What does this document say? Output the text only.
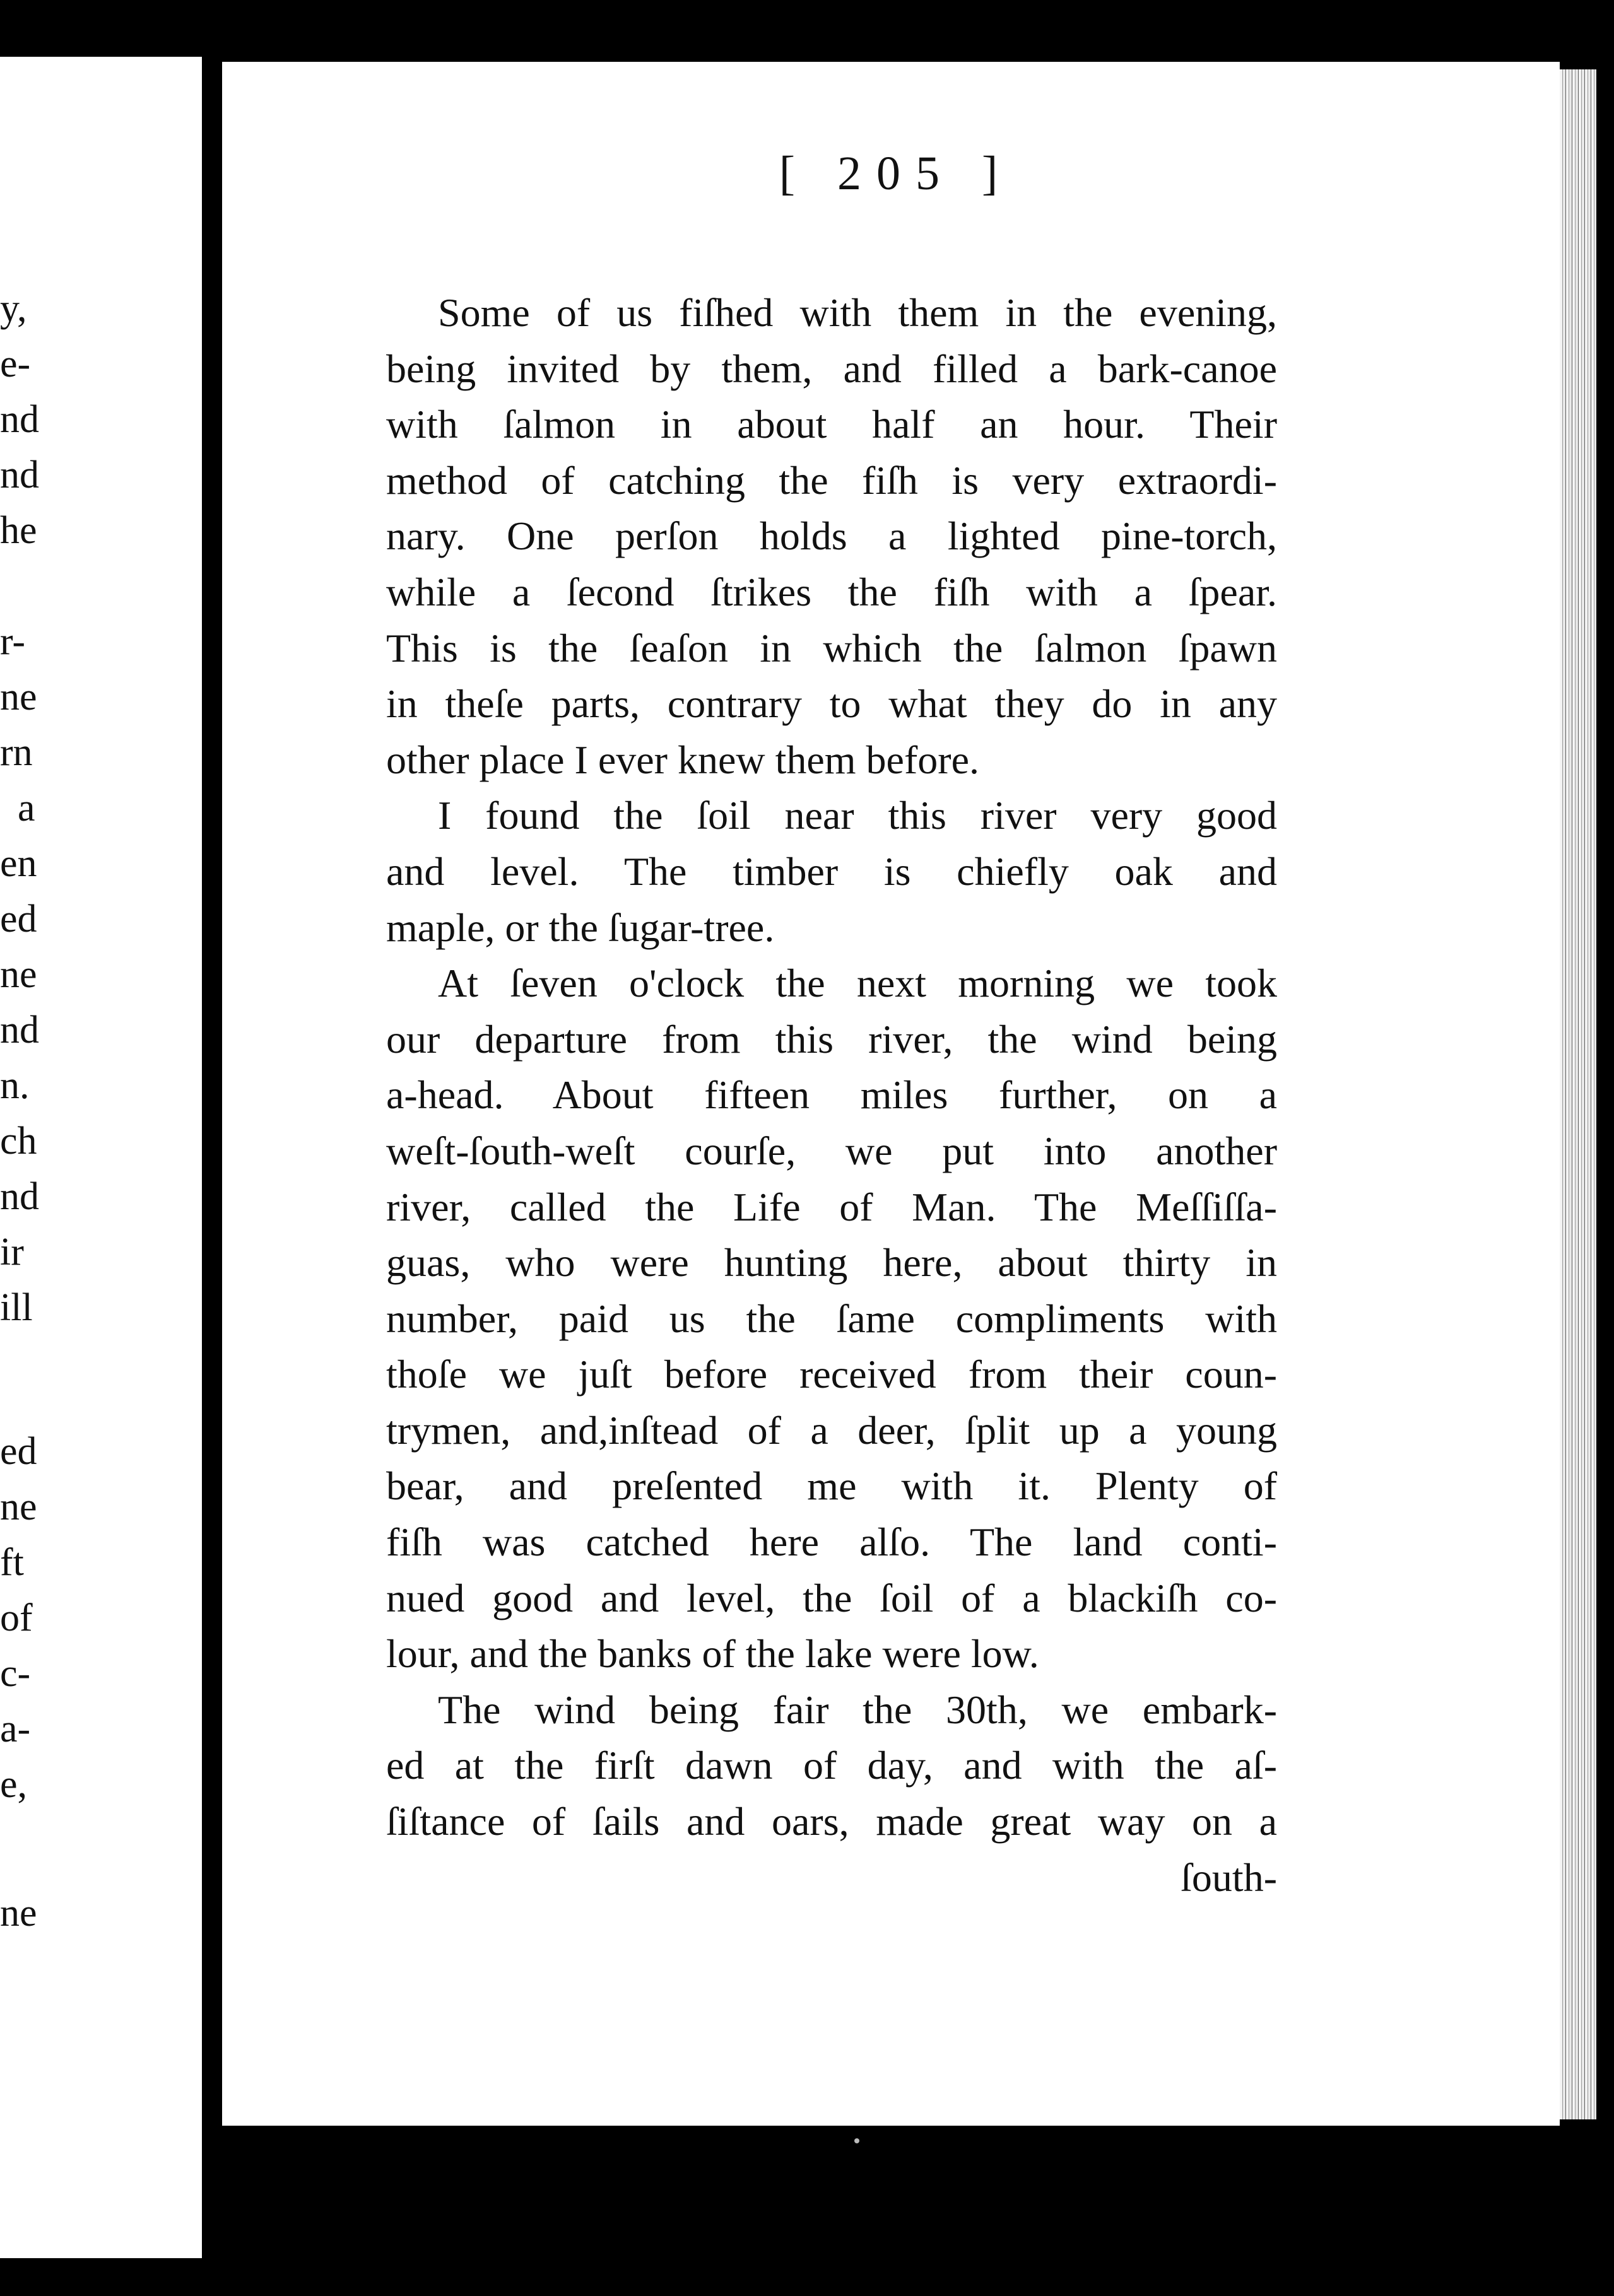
y,
e-
nd
nd
he
r-
ne
rn
a
en
ed
ne
nd
n.
ch
nd
ir
ill
ed
ne
ft
of
c-
a-
e,
ne
[ 205 ]
Some of us fiſhed with them in the evening,
being invited by them, and filled a bark-canoe
with ſalmon in about half an hour. Their
method of catching the fiſh is very extraordi-
nary. One perſon holds a lighted pine-torch,
while a ſecond ſtrikes the fiſh with a ſpear.
This is the ſeaſon in which the ſalmon ſpawn
in theſe parts, contrary to what they do in any
other place I ever knew them before.
I found the ſoil near this river very good
and level. The timber is chiefly oak and
maple, or the ſugar-tree.
At ſeven o'clock the next morning we took
our departure from this river, the wind being
a-head. About fifteen miles further, on a
weſt-ſouth-weſt courſe, we put into another
river, called the Life of Man. The Meſſiſſa-
guas, who were hunting here, about thirty in
number, paid us the ſame compliments with
thoſe we juſt before received from their coun-
trymen, and,inſtead of a deer, ſplit up a young
bear, and preſented me with it. Plenty of
fiſh was catched here alſo. The land conti-
nued good and level, the ſoil of a blackiſh co-
lour, and the banks of the lake were low.
The wind being fair the 30th, we embark-
ed at the firſt dawn of day, and with the aſ-
ſiſtance of ſails and oars, made great way on a
ſouth-
